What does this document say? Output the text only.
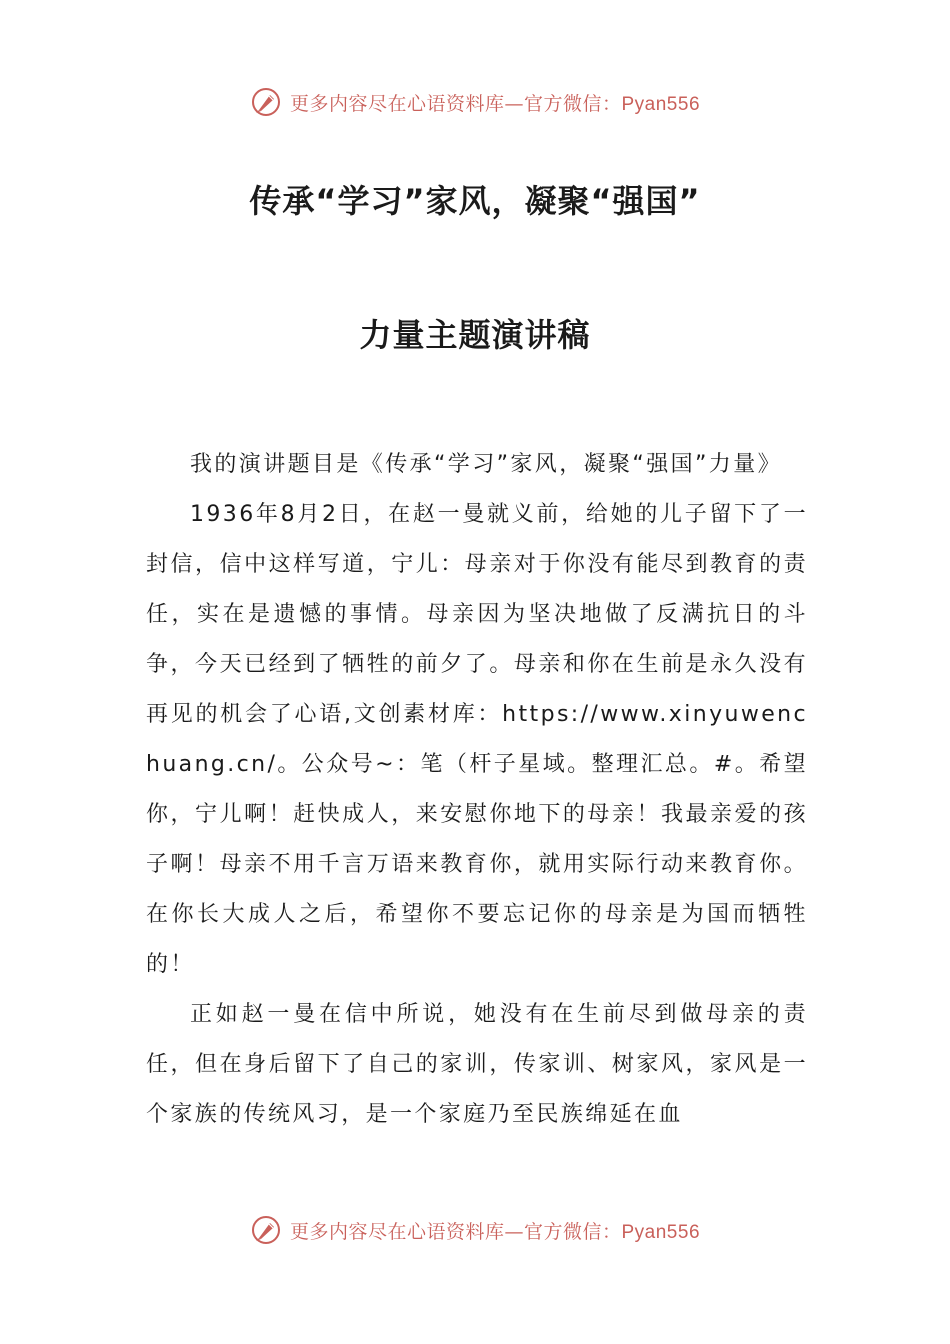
更多内容尽在心语资料库—官方微信：Pyan556
传承“学习”家风，凝聚“强国”
力量主题演讲稿

我的演讲题目是《传承“学习”家风，凝聚“强国”力量》

1936年8月2日，在赵一曼就义前，给她的儿子留下了一封信，信中这样写道，宁儿：母亲对于你没有能尽到教育的责任，实在是遗憾的事情。母亲因为坚决地做了反满抗日的斗争，今天已经到了牺牲的前夕了。母亲和你在生前是永久没有再见的机会了心语,文创素材库：https://www.xinyuwenchuang.cn/。公众号~：笔（杆子星域。整理汇总。#。希望你，宁儿啊！赶快成人，来安慰你地下的母亲！我最亲爱的孩子啊！母亲不用千言万语来教育你，就用实际行动来教育你。在你长大成人之后，希望你不要忘记你的母亲是为国而牺牲的！

正如赵一曼在信中所说，她没有在生前尽到做母亲的责任，但在身后留下了自己的家训，传家训、树家风，家风是一个家族的传统风习，是一个家庭乃至民族绵延在血

更多内容尽在心语资料库—官方微信：Pyan556
